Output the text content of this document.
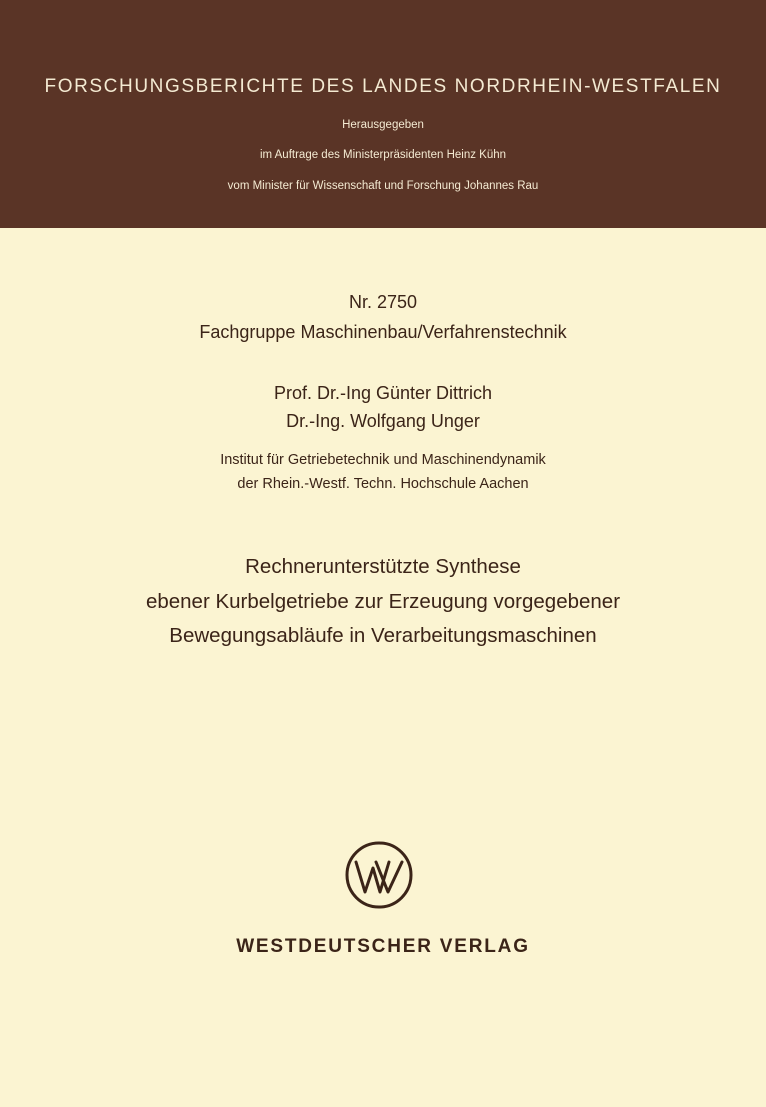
FORSCHUNGSBERICHTE DES LANDES NORDRHEIN-WESTFALEN
Herausgegeben
im Auftrage des Ministerpräsidenten Heinz Kühn
vom Minister für Wissenschaft und Forschung Johannes Rau
Nr. 2750
Fachgruppe Maschinenbau/Verfahrenstechnik
Prof. Dr.-Ing Günter Dittrich
Dr.-Ing. Wolfgang Unger
Institut für Getriebetechnik und Maschinendynamik
der Rhein.-Westf. Techn. Hochschule Aachen
Rechnerunterstützte Synthese
ebener Kurbelgetriebe zur Erzeugung vorgegebener
Bewegungsabläufe in Verarbeitungsmaschinen
WESTDEUTSCHER VERLAG
